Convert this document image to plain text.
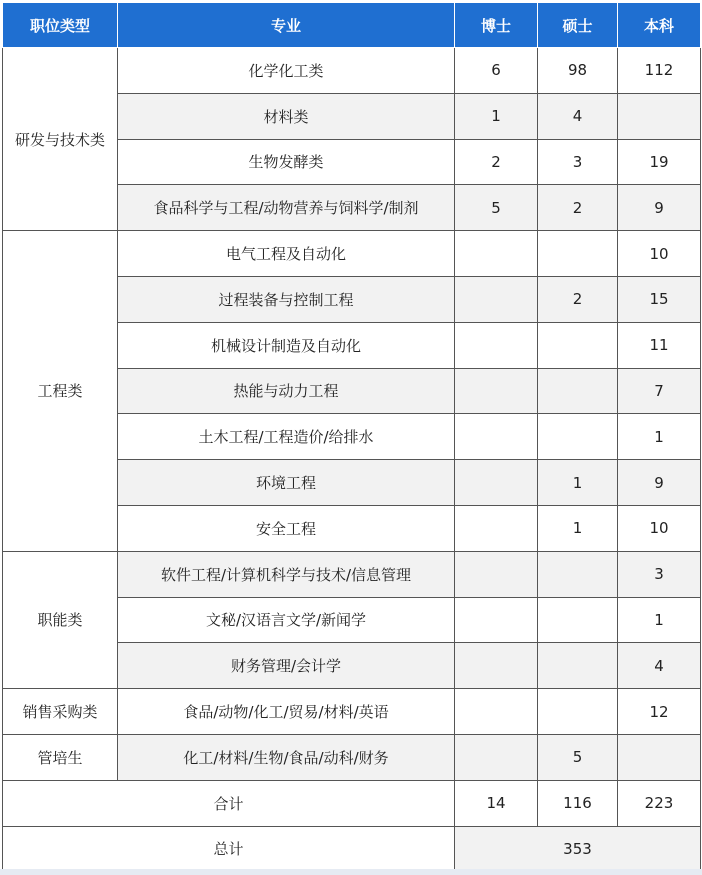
职位类型	专业	博士	硕士	本科
研发与技术类	化学化工类	6	98	112
	材料类	1	4	
	生物发酵类	2	3	19
	食品科学与工程/动物营养与饲料学/制剂	5	2	9
工程类	电气工程及自动化			10
	过程装备与控制工程		2	15
	机械设计制造及自动化			11
	热能与动力工程			7
	土木工程/工程造价/给排水			1
	环境工程		1	9
	安全工程		1	10
职能类	软件工程/计算机科学与技术/信息管理			3
	文秘/汉语言文学/新闻学			1
	财务管理/会计学			4
销售采购类	食品/动物/化工/贸易/材料/英语			12
管培生	化工/材料/生物/食品/动科/财务		5	
合计		14	116	223
总计		353		
